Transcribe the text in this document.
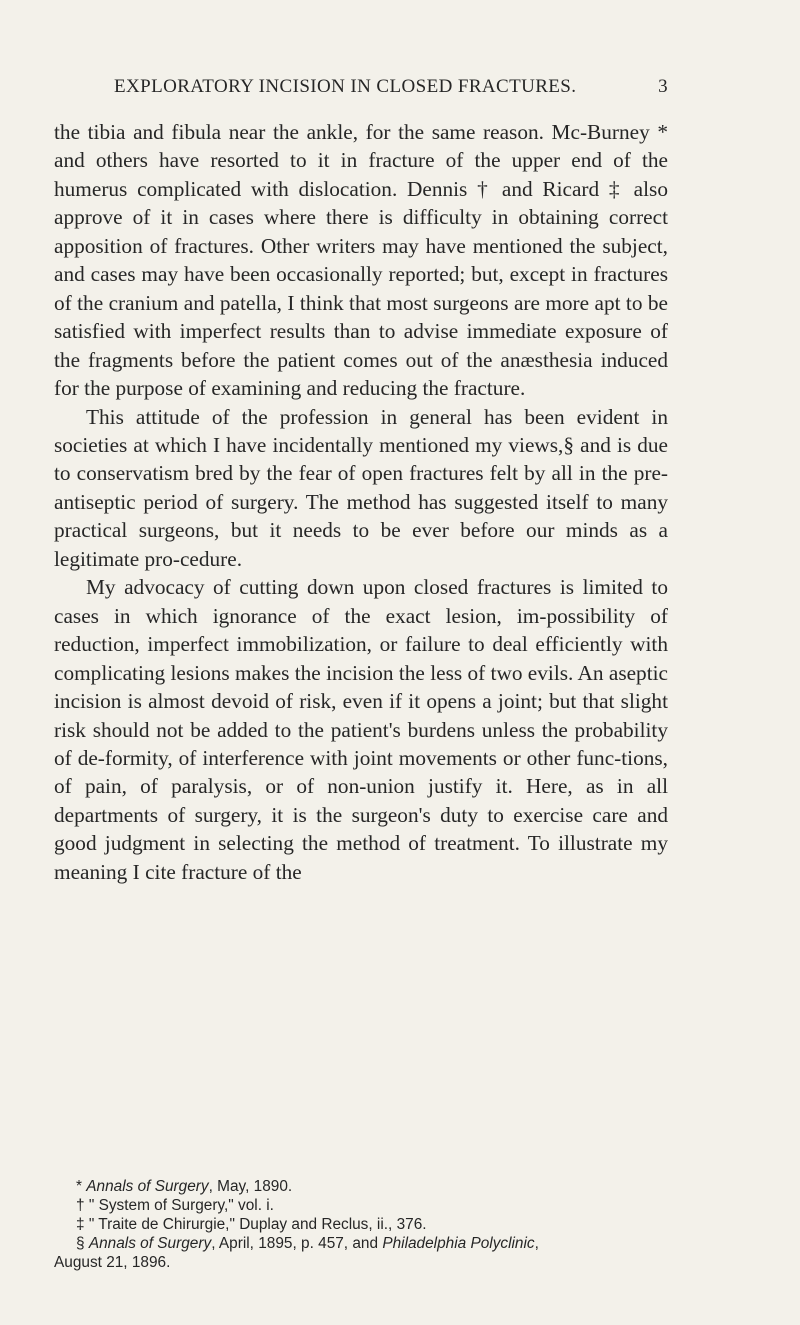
EXPLORATORY INCISION IN CLOSED FRACTURES.	3

the tibia and fibula near the ankle, for the same reason. Mc-Burney * and others have resorted to it in fracture of the upper end of the humerus complicated with dislocation. Dennis † and Ricard ‡ also approve of it in cases where there is difficulty in obtaining correct apposition of fractures. Other writers may have mentioned the subject, and cases may have been occasionally reported; but, except in fractures of the cranium and patella, I think that most surgeons are more apt to be satisfied with imperfect results than to advise immediate exposure of the fragments before the patient comes out of the anæsthesia induced for the purpose of examining and reducing the fracture.

This attitude of the profession in general has been evident in societies at which I have incidentally mentioned my views,§ and is due to conservatism bred by the fear of open fractures felt by all in the pre-antiseptic period of surgery. The method has suggested itself to many practical surgeons, but it needs to be ever before our minds as a legitimate pro-cedure.

My advocacy of cutting down upon closed fractures is limited to cases in which ignorance of the exact lesion, im-possibility of reduction, imperfect immobilization, or failure to deal efficiently with complicating lesions makes the incision the less of two evils. An aseptic incision is almost devoid of risk, even if it opens a joint; but that slight risk should not be added to the patient's burdens unless the probability of de-formity, of interference with joint movements or other func-tions, of pain, of paralysis, or of non-union justify it. Here, as in all departments of surgery, it is the surgeon's duty to exercise care and good judgment in selecting the method of treatment. To illustrate my meaning I cite fracture of the

* Annals of Surgery, May, 1890.
† " System of Surgery," vol. i.
‡ " Traite de Chirurgie," Duplay and Reclus, ii., 376.
§ Annals of Surgery, April, 1895, p. 457, and Philadelphia Polyclinic,
August 21, 1896.
